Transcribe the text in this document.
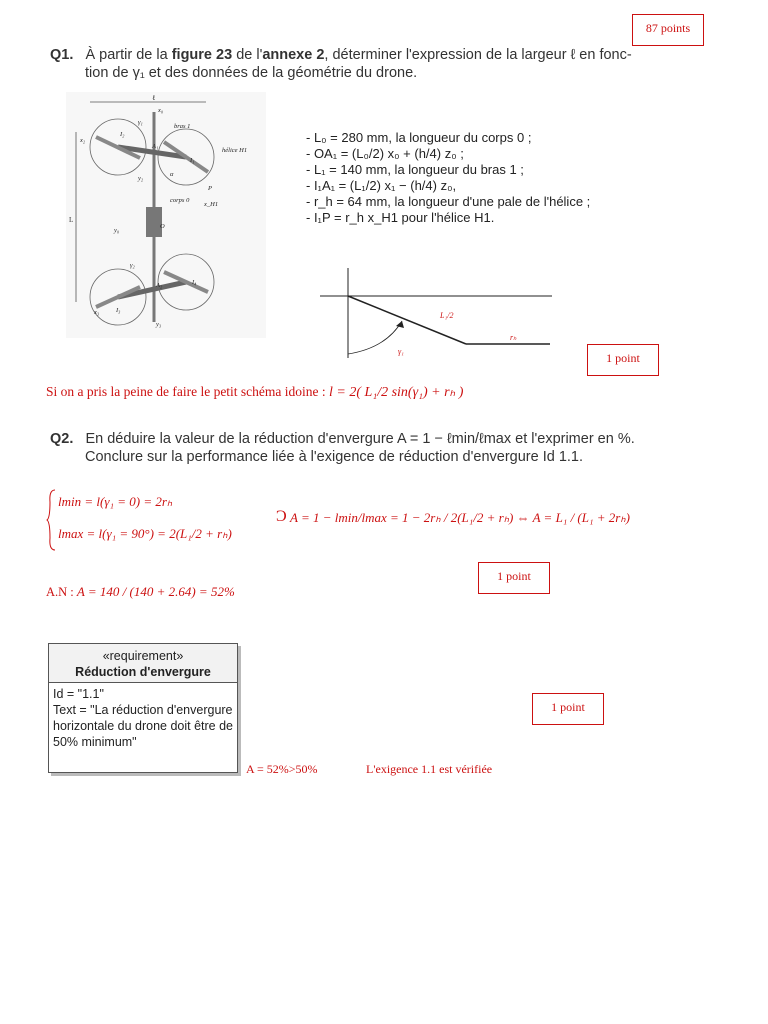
87 points
Q1. À partir de la figure 23 de l'annexe 2, déterminer l'expression de la largeur ℓ en fonc-
tion de γ₁ et des données de la géométrie du drone.
ℓ
L
x₀
x₂
I₂
A₁
bras 1
I₁
hélice H1
y₂
α
P
x_H1
corps 0
y₀
O
γ₁
γ₂
A₂	I₄
x₃	I₃
y₃
- L₀ = 280 mm, la longueur du corps 0 ;
- OA₁ = (L₀/2) x₀ + (h/4) z₀ ;
- L₁ = 140 mm, la longueur du bras 1 ;
- I₁A₁ = (L₁/2) x₁ − (h/4) z₀,
- r_h = 64 mm, la longueur d'une pale de l'hélice ;
- I₁P = r_h x_H1 pour l'hélice H1.
L₁/2
rₕ
γ₁	1 point
Si on a pris la peine de faire le petit schéma idoine : l = 2( L₁/2 sin(γ₁) + rₕ )
Q2. En déduire la valeur de la réduction d'envergure A = 1 − ℓmin/ℓmax et l'exprimer en %.
Conclure sur la performance liée à l'exigence de réduction d'envergure Id 1.1.
lmin = l(γ₁ = 0) = 2rₕ
lmax = l(γ₁ = 90°) = 2(L₁/2 + rₕ)
Ͻ A = 1 − lmin/lmax = 1 − 2rₕ / 2(L₁/2 + rₕ) ⇔ A = L₁ / (L₁ + 2rₕ)
1 point
A.N : A = 140 / (140 + 2.64) = 52%
«requirement»
Réduction d'envergure
Id = "1.1"
Text = "La réduction d'envergure horizontale du drone doit être de 50% minimum"
1 point
A = 52%>50%	L'exigence 1.1 est vérifiée
